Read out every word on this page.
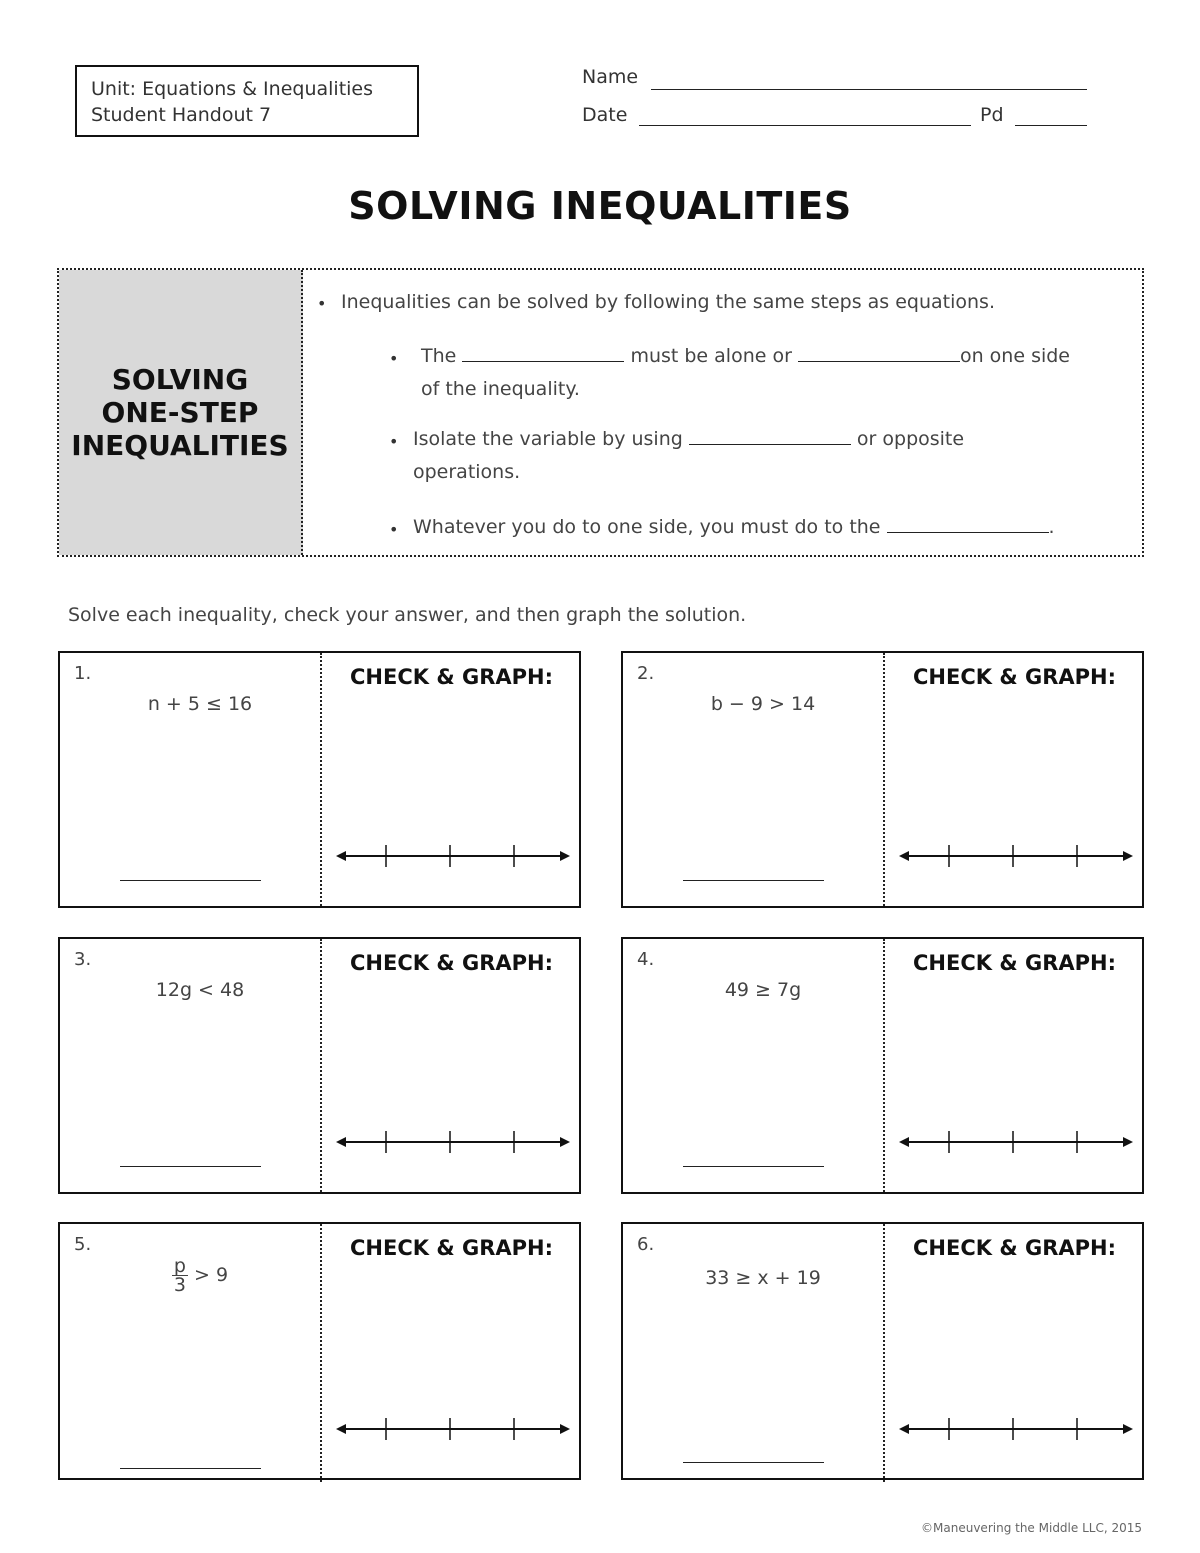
Unit: Equations & Inequalities
Student Handout 7
Name
Date	Pd
SOLVING INEQUALITIES
SOLVING
ONE-STEP
INEQUALITIES
• Inequalities can be solved by following the same steps as equations.
• The	must be alone or	on one side
of the inequality.
• Isolate the variable by using	or opposite
operations.
• Whatever you do to one side, you must do to the	.
Solve each inequality, check your answer, and then graph the solution.
1.
n + 5 ≤ 16
CHECK & GRAPH:	2.
b − 9 > 14
CHECK & GRAPH:
3.
12g < 48
CHECK & GRAPH:	4.
49 ≥ 7g
CHECK & GRAPH:
5.
$\frac{p}{3} > 9$
CHECK & GRAPH:	6.
33 ≥ x + 19
CHECK & GRAPH:
©Maneuvering the Middle LLC, 2015
